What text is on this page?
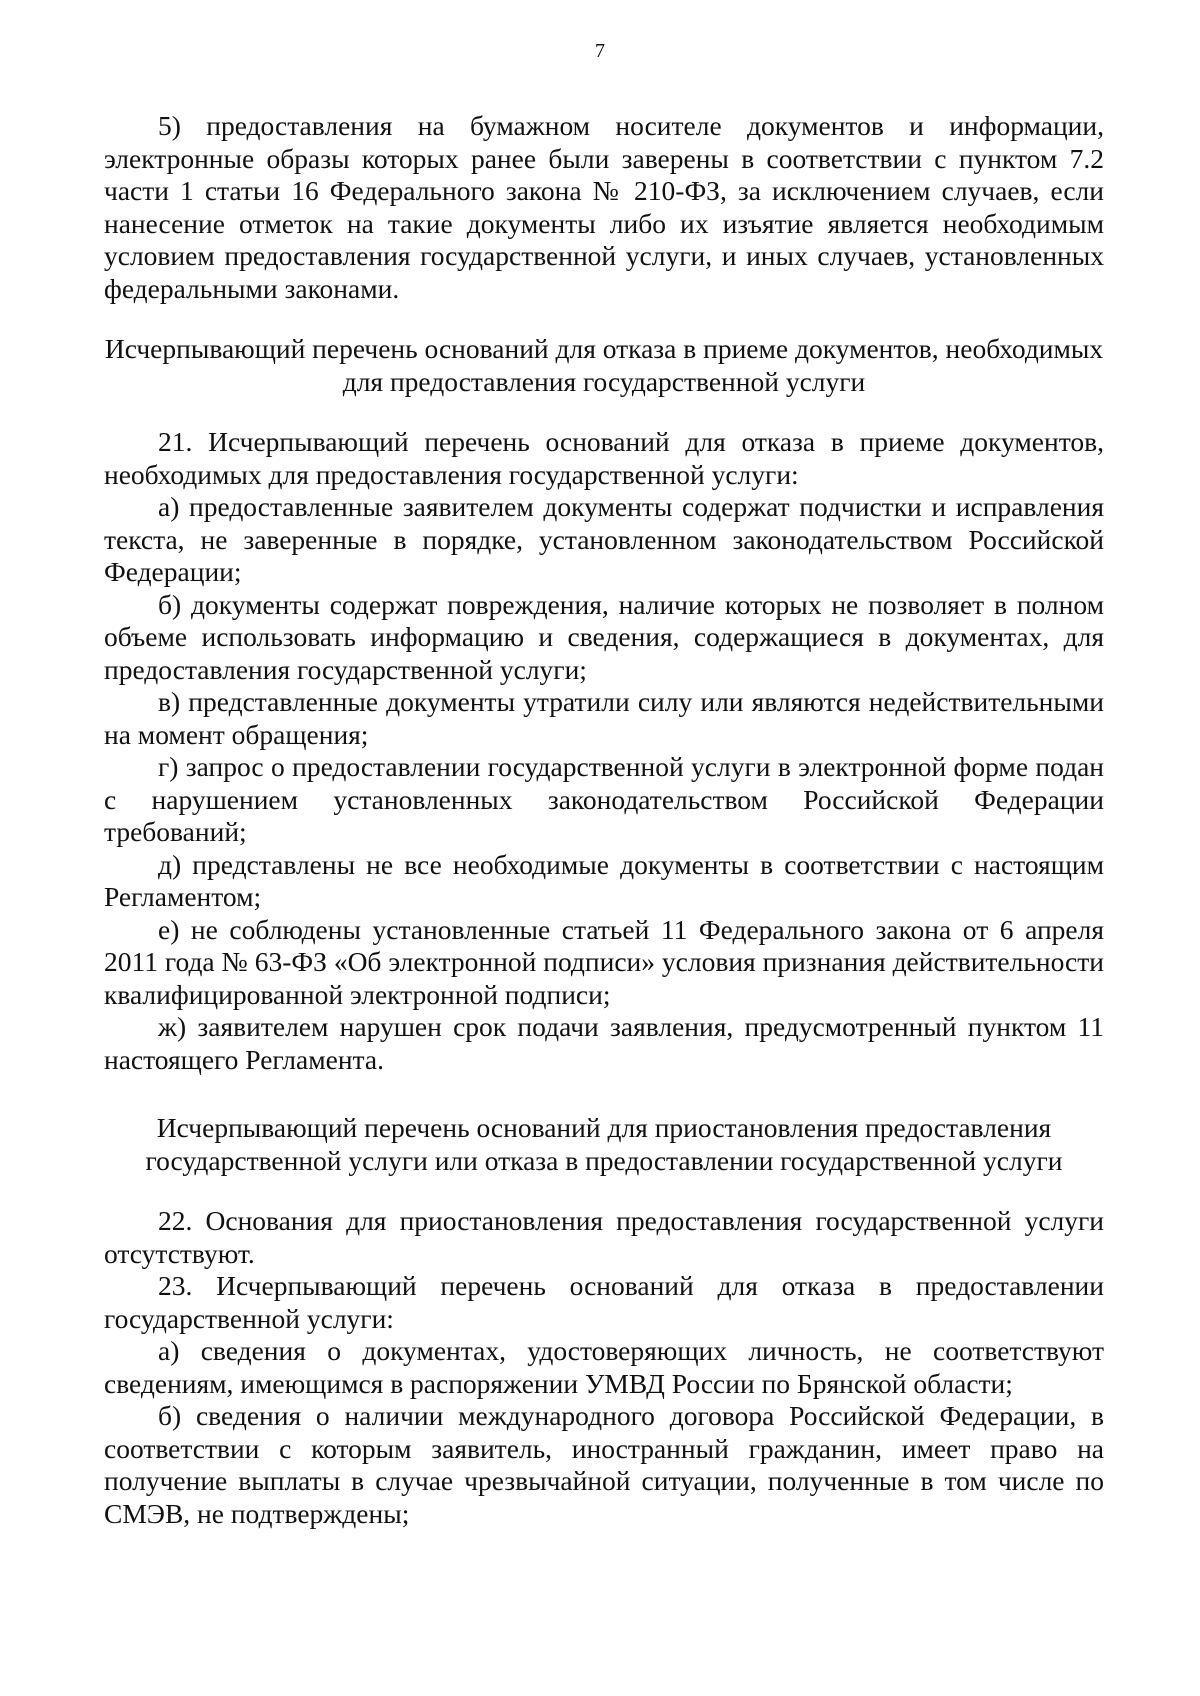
7

5) предоставления на бумажном носителе документов и информации, электронные образы которых ранее были заверены в соответствии с пунктом 7.2 части 1 статьи 16 Федерального закона № 210-ФЗ, за исключением случаев, если нанесение отметок на такие документы либо их изъятие является необходимым условием предоставления государственной услуги, и иных случаев, установленных федеральными законами.

Исчерпывающий перечень оснований для отказа в приеме документов, необходимых для предоставления государственной услуги

21. Исчерпывающий перечень оснований для отказа в приеме документов, необходимых для предоставления государственной услуги:

а) предоставленные заявителем документы содержат подчистки и исправления текста, не заверенные в порядке, установленном законодательством Российской Федерации;

б) документы содержат повреждения, наличие которых не позволяет в полном объеме использовать информацию и сведения, содержащиеся в документах, для предоставления государственной услуги;

в) представленные документы утратили силу или являются недействительными на момент обращения;

г) запрос о предоставлении государственной услуги в электронной форме подан с нарушением установленных законодательством Российской Федерации требований;

д) представлены не все необходимые документы в соответствии с настоящим Регламентом;

е) не соблюдены установленные статьей 11 Федерального закона от 6 апреля 2011 года № 63-ФЗ «Об электронной подписи» условия признания действительности квалифицированной электронной подписи;

ж) заявителем нарушен срок подачи заявления, предусмотренный пунктом 11 настоящего Регламента.

Исчерпывающий перечень оснований для приостановления предоставления государственной услуги или отказа в предоставлении государственной услуги

22. Основания для приостановления предоставления государственной услуги отсутствуют.

23. Исчерпывающий перечень оснований для отказа в предоставлении государственной услуги:

а) сведения о документах, удостоверяющих личность, не соответствуют сведениям, имеющимся в распоряжении УМВД России по Брянской области;

б) сведения о наличии международного договора Российской Федерации, в соответствии с которым заявитель, иностранный гражданин, имеет право на получение выплаты в случае чрезвычайной ситуации, полученные в том числе по СМЭВ, не подтверждены;
